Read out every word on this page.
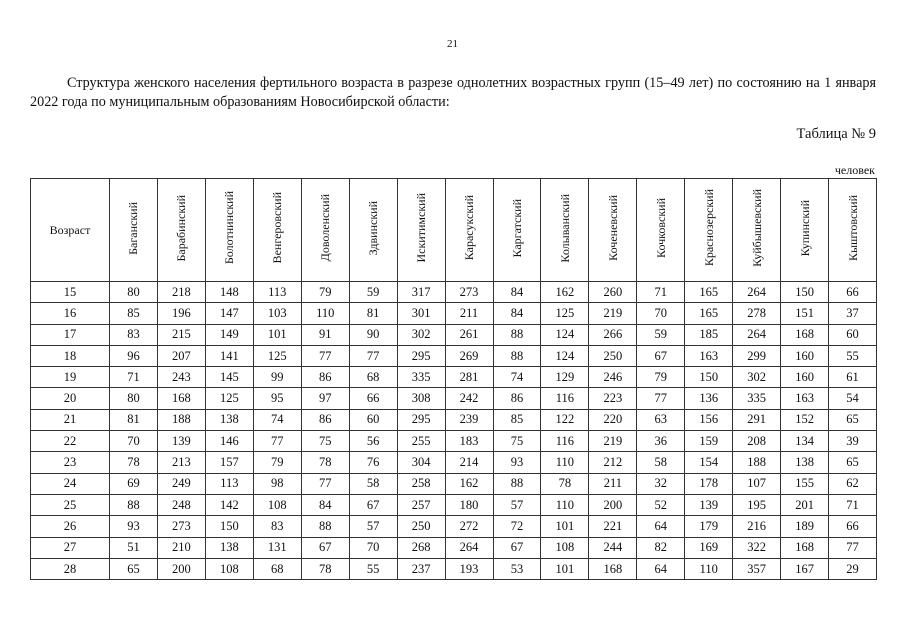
21

Структура женского населения фертильного возраста в разрезе однолетних возрастных групп (15–49 лет) по состоянию на 1 января 2022 года по муниципальным образованиям Новосибирской области:

Таблица № 9
человек
Возраст	Баганский	Барабинский	Болотнинский	Венгеровский	Доволенский	Здвинский	Искитимский	Карасукский	Каргатский	Колыванский	Коченевский	Кочковский	Краснозерский	Куйбышевский	Купинский	Кыштовский
15	80	218	148	113	79	59	317	273	84	162	260	71	165	264	150	66
16	85	196	147	103	110	81	301	211	84	125	219	70	165	278	151	37
17	83	215	149	101	91	90	302	261	88	124	266	59	185	264	168	60
18	96	207	141	125	77	77	295	269	88	124	250	67	163	299	160	55
19	71	243	145	99	86	68	335	281	74	129	246	79	150	302	160	61
20	80	168	125	95	97	66	308	242	86	116	223	77	136	335	163	54
21	81	188	138	74	86	60	295	239	85	122	220	63	156	291	152	65
22	70	139	146	77	75	56	255	183	75	116	219	36	159	208	134	39
23	78	213	157	79	78	76	304	214	93	110	212	58	154	188	138	65
24	69	249	113	98	77	58	258	162	88	78	211	32	178	107	155	62
25	88	248	142	108	84	67	257	180	57	110	200	52	139	195	201	71
26	93	273	150	83	88	57	250	272	72	101	221	64	179	216	189	66
27	51	210	138	131	67	70	268	264	67	108	244	82	169	322	168	77
28	65	200	108	68	78	55	237	193	53	101	168	64	110	357	167	29
